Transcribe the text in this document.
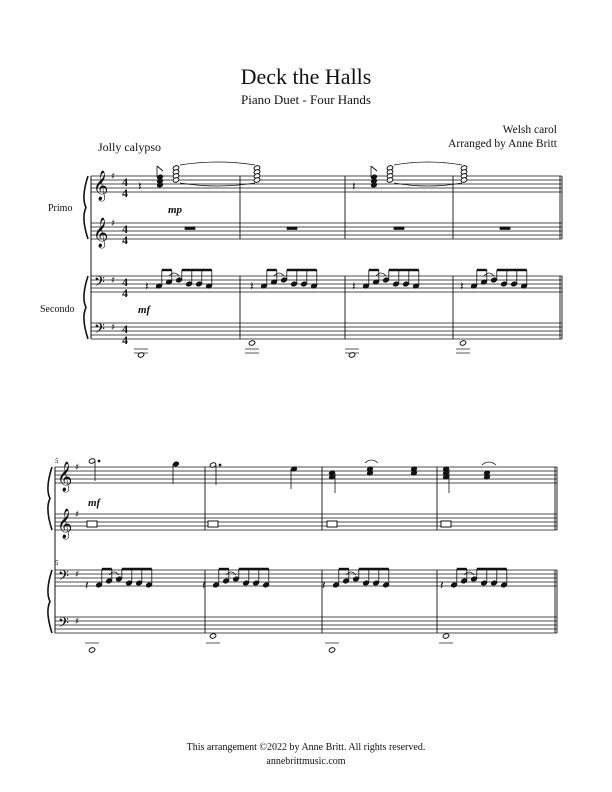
Deck the Halls
Piano Duet - Four Hands
Welsh carol
Arranged by Anne Britt
Jolly calypso
Primo
Secondo
This arrangement ©2022 by Anne Britt. All rights reserved.
annebrittmusic.com
𝄞 ♯
𝄞 ♯
𝄢 ♯
𝄢 ♯
𝄞 ♯
𝄞 ♯
𝄢 ♯
𝄢 ♯
𝄽	𝄽
𝄽	𝄽	𝄽	𝄽
𝄽	𝄽	𝄽	𝄽
mp
mf
mf
5
5
4
4
4
4
4
4
4
4
